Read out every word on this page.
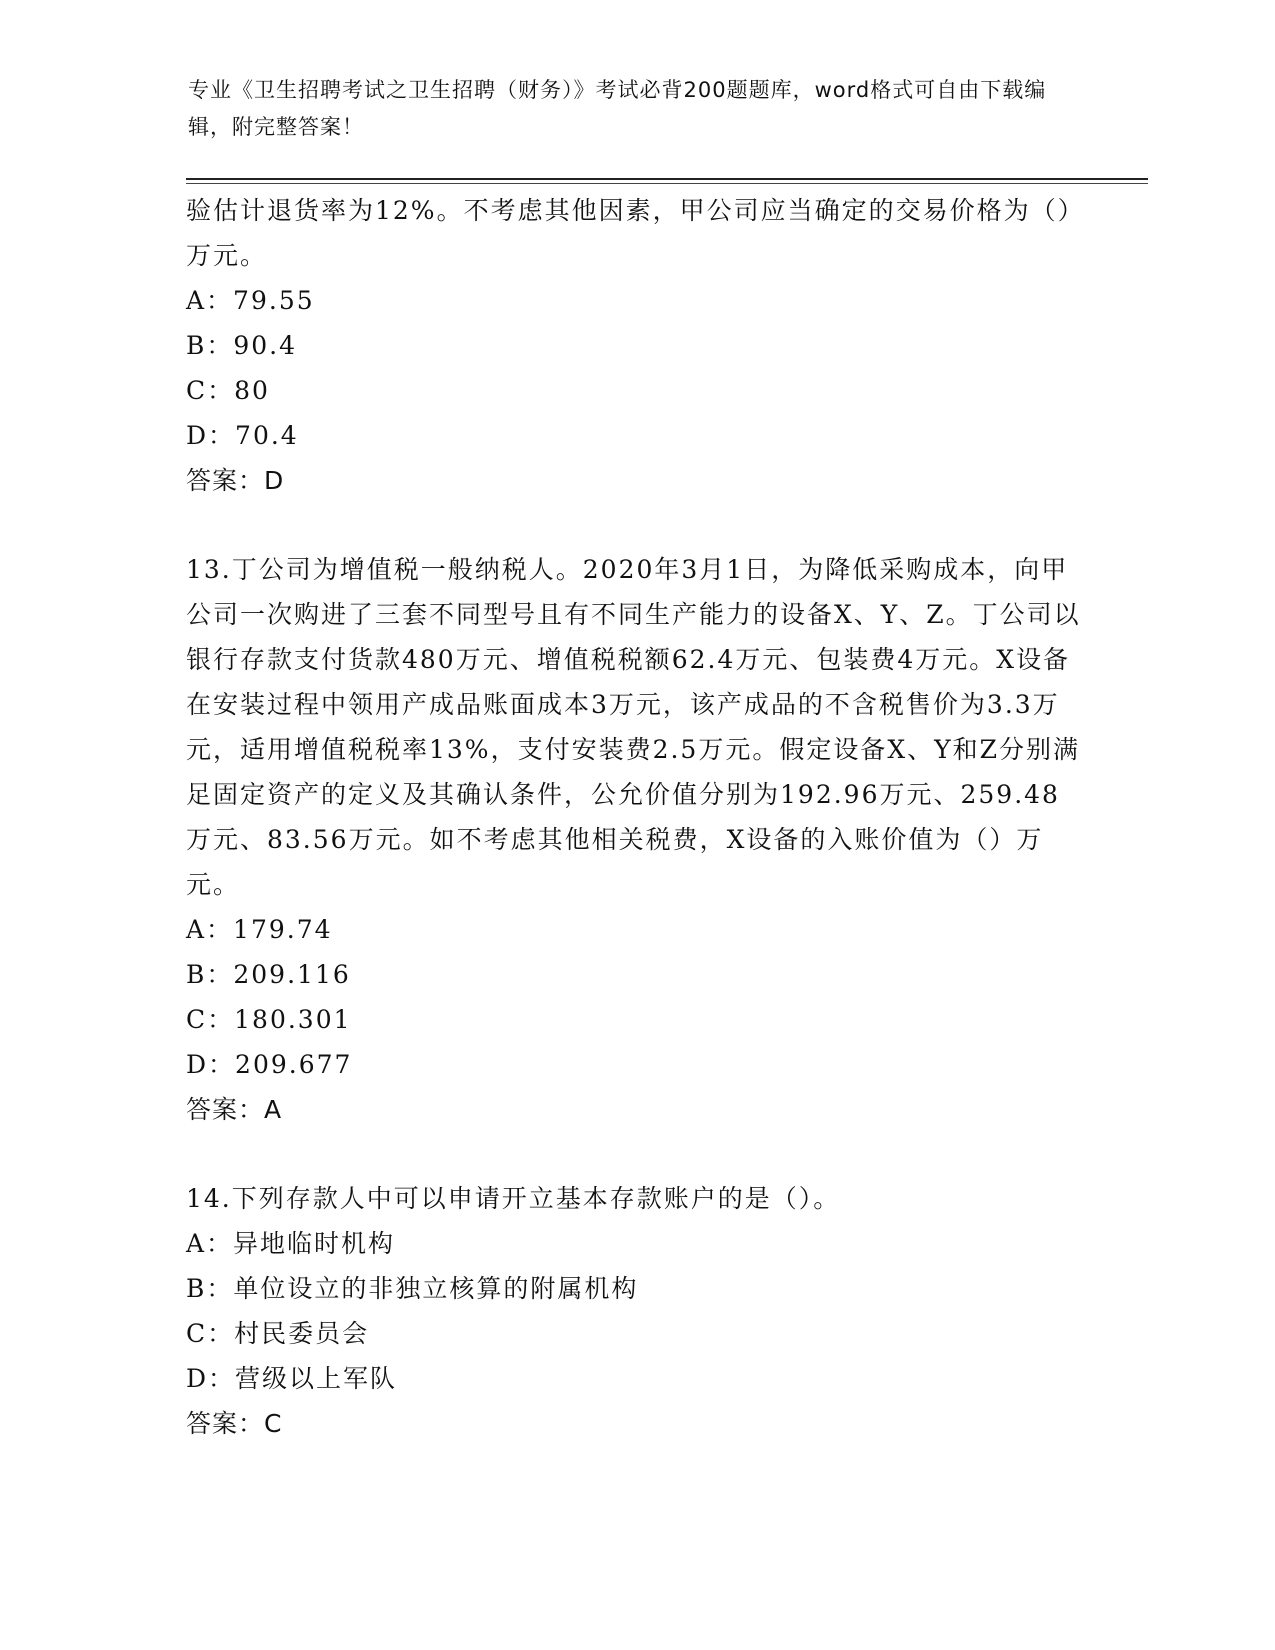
专业《卫生招聘考试之卫生招聘（财务）》考试必背200题题库，word格式可自由下载编辑，附完整答案！

验估计退货率为12%。不考虑其他因素，甲公司应当确定的交易价格为（）万元。

A：79.55

B：90.4

C：80

D：70.4

答案：D

13.丁公司为增值税一般纳税人。2020年3月1日，为降低采购成本，向甲公司一次购进了三套不同型号且有不同生产能力的设备X、Y、Z。丁公司以银行存款支付货款480万元、增值税税额62.4万元、包装费4万元。X设备在安装过程中领用产成品账面成本3万元，该产成品的不含税售价为3.3万元，适用增值税税率13%，支付安装费2.5万元。假定设备X、Y和Z分别满足固定资产的定义及其确认条件，公允价值分别为192.96万元、259.48万元、83.56万元。如不考虑其他相关税费，X设备的入账价值为（）万元。

A：179.74

B：209.116

C：180.301

D：209.677

答案：A

14.下列存款人中可以申请开立基本存款账户的是（）。

A：异地临时机构

B：单位设立的非独立核算的附属机构

C：村民委员会

D：营级以上军队

答案：C
